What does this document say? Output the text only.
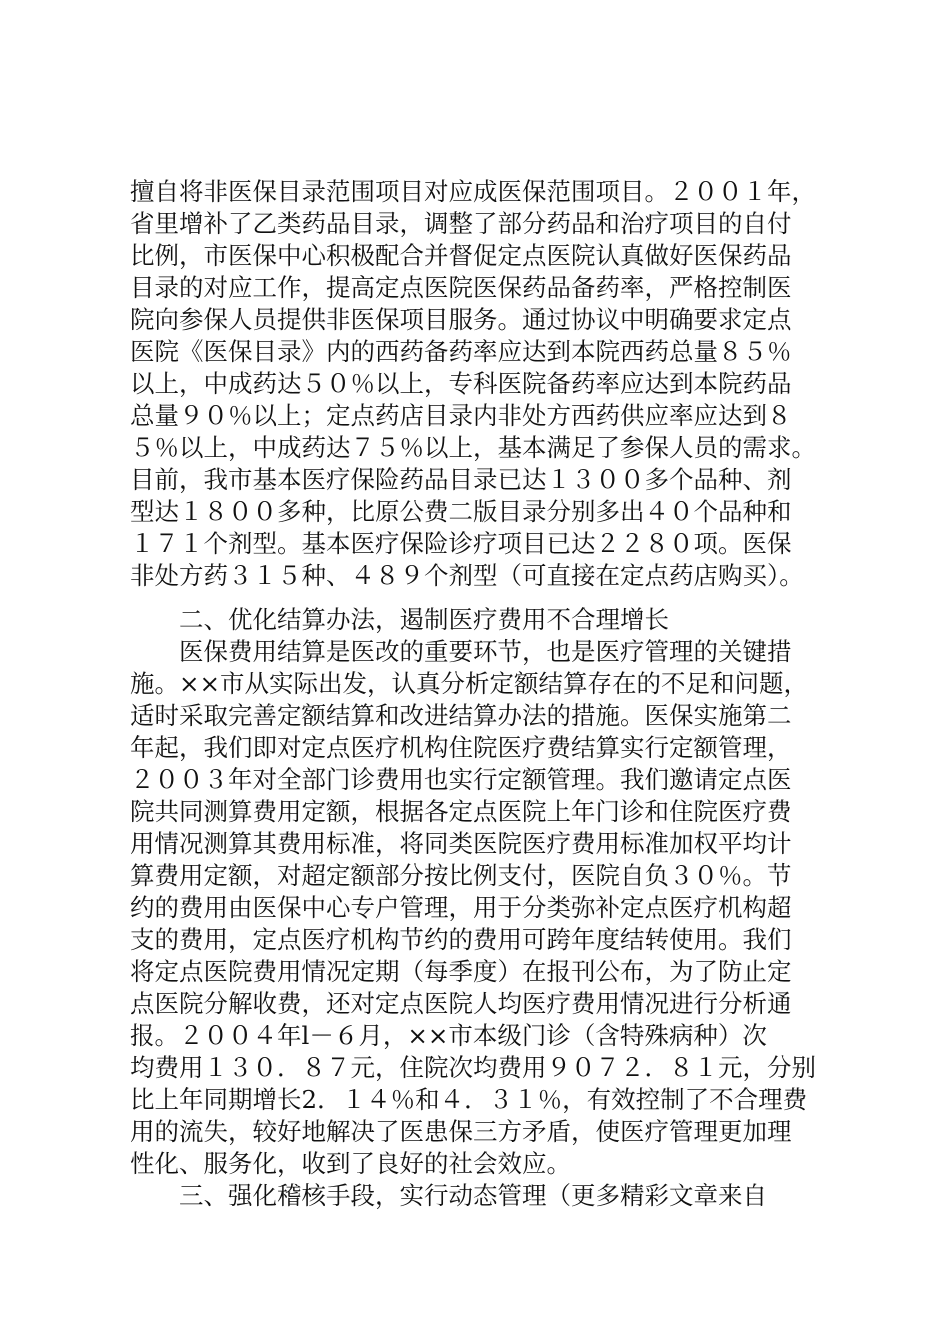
擅自将非医保目录范围项目对应成医保范围项目。２００１年，
省里增补了乙类药品目录，调整了部分药品和治疗项目的自付
比例，市医保中心积极配合并督促定点医院认真做好医保药品
目录的对应工作，提高定点医院医保药品备药率，严格控制医
院向参保人员提供非医保项目服务。通过协议中明确要求定点
医院《医保目录》内的西药备药率应达到本院西药总量８５％
以上，中成药达５０％以上，专科医院备药率应达到本院药品
总量９０％以上；定点药店目录内非处方西药供应率应达到８
５％以上，中成药达７５％以上，基本满足了参保人员的需求。
目前，我市基本医疗保险药品目录已达１３００多个品种、剂
型达１８００多种，比原公费二版目录分别多出４０个品种和
１７１个剂型。基本医疗保险诊疗项目已达２２８０项。医保
非处方药３１５种、４８９个剂型（可直接在定点药店购买）。
　　二、优化结算办法，遏制医疗费用不合理增长
　　医保费用结算是医改的重要环节，也是医疗管理的关键措
施。××市从实际出发，认真分析定额结算存在的不足和问题，
适时采取完善定额结算和改进结算办法的措施。医保实施第二
年起，我们即对定点医疗机构住院医疗费结算实行定额管理，
２００３年对全部门诊费用也实行定额管理。我们邀请定点医
院共同测算费用定额，根据各定点医院上年门诊和住院医疗费
用情况测算其费用标准，将同类医院医疗费用标准加权平均计
算费用定额，对超定额部分按比例支付，医院自负３０％。节
约的费用由医保中心专户管理，用于分类弥补定点医疗机构超
支的费用，定点医疗机构节约的费用可跨年度结转使用。我们
将定点医院费用情况定期（每季度）在报刊公布，为了防止定
点医院分解收费，还对定点医院人均医疗费用情况进行分析通
报。２００４年l－６月，××市本级门诊（含特殊病种）次
均费用１３０．８７元，住院次均费用９０７２．８１元，分别
比上年同期增长2．１４％和４．３１％，有效控制了不合理费
用的流失，较好地解决了医患保三方矛盾，使医疗管理更加理
性化、服务化，收到了良好的社会效应。
　　三、强化稽核手段，实行动态管理（更多精彩文章来自
